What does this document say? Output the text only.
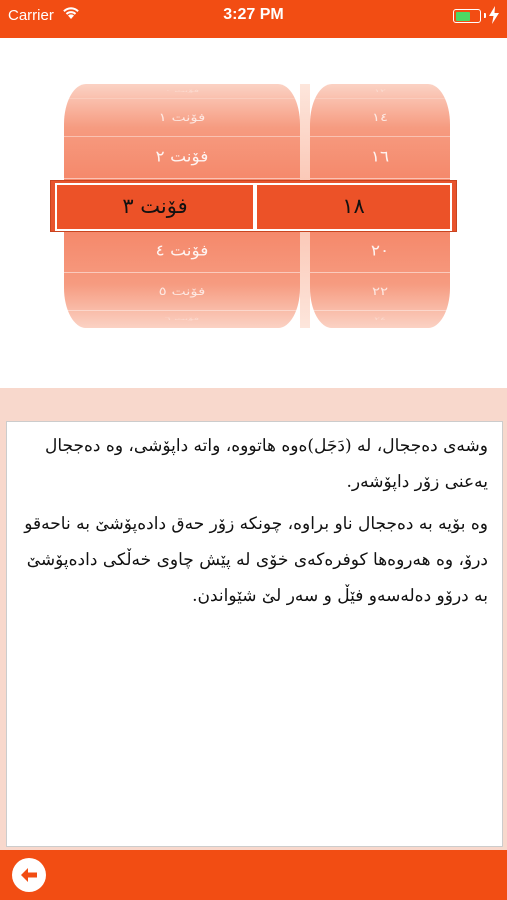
Carrier	3:27 PM
فۆنت ٠
فۆنت ١
فۆنت ٢
فۆنت ٤
فۆنت ٥
فۆنت ٦
١٢
١٤
١٦
٢٠
٢٢
٢٤
فۆنت ٣	١٨

وشەی دەججال، لە (دَجَل)ەوە ھاتووە، واتە داپۆشی، وە دەججال یەعنی زۆر داپۆشەر.

وە بۆیە بە دەججال ناو براوە، چونکە زۆر حەق دادەپۆشێ بە ناحەقو درۆ، وە ھەروەھا کوفرەکەی خۆی لە پێش چاوی خەڵکی دادەپۆشێ بە درۆو دەلەسەو فێڵ و سەر لێ شێواندن.
